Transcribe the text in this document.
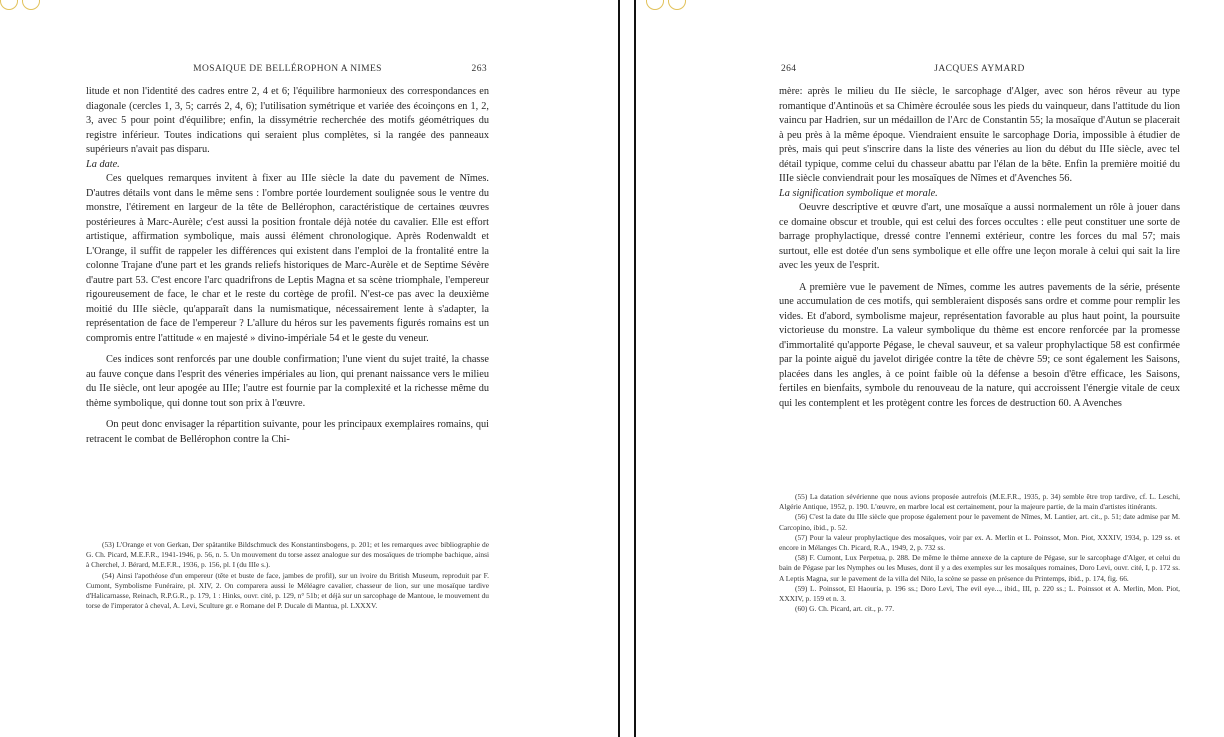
MOSAIQUE DE BELLÉROPHON A NIMES	263

litude et non l'identité des cadres entre 2, 4 et 6; l'équilibre harmonieux des correspondances en diagonale (cercles 1, 3, 5; carrés 2, 4, 6); l'utilisation symétrique et variée des écoinçons en 1, 2, 3, avec 5 pour point d'équilibre; enfin, la dissymétrie recherchée des motifs géométriques du registre inférieur. Toutes indications qui seraient plus complètes, si la rangée des panneaux supérieurs n'avait pas disparu.

La date.

Ces quelques remarques invitent à fixer au IIIe siècle la date du pavement de Nîmes. D'autres détails vont dans le même sens : l'ombre portée lourdement soulignée sous le ventre du monstre, l'étirement en largeur de la tête de Bellérophon, caractéristique de certaines œuvres postérieures à Marc-Aurèle; c'est aussi la position frontale déjà notée du cavalier. Elle est effort artistique, affirmation symbolique, mais aussi élément chronologique. Après Rodenwaldt et L'Orange, il suffit de rappeler les différences qui existent dans l'emploi de la frontalité entre la colonne Trajane d'une part et les grands reliefs historiques de Marc-Aurèle et de Septime Sévère d'autre part 53. C'est encore l'arc quadrifrons de Leptis Magna et sa scène triomphale, l'empereur rigoureusement de face, le char et le reste du cortège de profil. N'est-ce pas avec la deuxième moitié du IIIe siècle, qu'apparaît dans la numismatique, nécessairement lente à s'adapter, la représentation de face de l'empereur ? L'allure du héros sur les pavements figurés romains est un compromis entre l'attitude « en majesté » divino-impériale 54 et le geste du veneur.

Ces indices sont renforcés par une double confirmation; l'une vient du sujet traité, la chasse au fauve conçue dans l'esprit des véneries impériales au lion, qui prenant naissance vers le milieu du IIe siècle, ont leur apogée au IIIe; l'autre est fournie par la complexité et la richesse même du thème symbolique, qui donne tout son prix à l'œuvre.

On peut donc envisager la répartition suivante, pour les principaux exemplaires romains, qui retracent le combat de Bellérophon contre la Chi-

(53) L'Orange et von Gerkan, Der spätantike Bildschmuck des Konstantinsbogens, p. 201; et les remarques avec bibliographie de G. Ch. Picard, M.E.F.R., 1941-1946, p. 56, n. 5. Un mouvement du torse assez analogue sur des mosaïques de triomphe bachique, ainsi à Cherchel, J. Bérard, M.E.F.R., 1936, p. 156, pl. I (du IIIe s.).

(54) Ainsi l'apothéose d'un empereur (tête et buste de face, jambes de profil), sur un ivoire du British Museum, reproduit par F. Cumont, Symbolisme Funéraire, pl. XIV, 2. On comparera aussi le Méléagre cavalier, chasseur de lion, sur une mosaïque tardive d'Halicarnasse, Reinach, R.P.G.R., p. 179, 1 : Hinks, ouvr. cité, p. 129, n° 51b; et déjà sur un sarcophage de Mantoue, le mouvement du torse de l'imperator à cheval, A. Levi, Sculture gr. e Romane del P. Ducale di Mantua, pl. LXXXV.

264	JACQUES AYMARD

mère: après le milieu du IIe siècle, le sarcophage d'Alger, avec son héros rêveur au type romantique d'Antinoüs et sa Chimère écroulée sous les pieds du vainqueur, dans l'attitude du lion vaincu par Hadrien, sur un médaillon de l'Arc de Constantin 55; la mosaïque d'Autun se placerait à peu près à la même époque. Viendraient ensuite le sarcophage Doria, impossible à étudier de près, mais qui peut s'inscrire dans la liste des véneries au lion du début du IIIe siècle, avec tel détail typique, comme celui du chasseur abattu par l'élan de la bête. Enfin la première moitié du IIIe siècle conviendrait pour les mosaïques de Nîmes et d'Avenches 56.

La signification symbolique et morale.

Oeuvre descriptive et œuvre d'art, une mosaïque a aussi normalement un rôle à jouer dans ce domaine obscur et trouble, qui est celui des forces occultes : elle peut constituer une sorte de barrage prophylactique, dressé contre l'ennemi extérieur, contre les forces du mal 57; mais surtout, elle est dotée d'un sens symbolique et elle offre une leçon morale à celui qui sait la lire avec les yeux de l'esprit.

A première vue le pavement de Nîmes, comme les autres pavements de la série, présente une accumulation de ces motifs, qui sembleraient disposés sans ordre et comme pour remplir les vides. Et d'abord, symbolisme majeur, représentation favorable au plus haut point, la poursuite victorieuse du monstre. La valeur symbolique du thème est encore renforcée par la promesse d'immortalité qu'apporte Pégase, le cheval sauveur, et sa valeur prophylactique 58 est confirmée par la pointe aiguë du javelot dirigée contre la tête de chèvre 59; ce sont également les Saisons, placées dans les angles, à ce point faible où la défense a besoin d'être efficace, les Saisons, fertiles en bienfaits, symbole du renouveau de la nature, qui accroissent l'énergie vitale de ceux qui les contemplent et les protègent contre les forces de destruction 60. A Avenches

(55) La datation sévérienne que nous avions proposée autrefois (M.E.F.R., 1935, p. 34) semble être trop tardive, cf. L. Leschi, Algérie Antique, 1952, p. 190. L'œuvre, en marbre local est certainement, pour la majeure partie, de la main d'artistes itinérants.

(56) C'est la date du IIIe siècle que propose également pour le pavement de Nîmes, M. Lantier, art. cit., p. 51; date admise par M. Carcopino, ibid., p. 52.

(57) Pour la valeur prophylactique des mosaïques, voir par ex. A. Merlin et L. Poinssot, Mon. Piot, XXXIV, 1934, p. 129 ss. et encore in Mélanges Ch. Picard, R.A., 1949, 2, p. 732 ss.

(58) F. Cumont, Lux Perpetua, p. 288. De même le thème annexe de la capture de Pégase, sur le sarcophage d'Alger, et celui du bain de Pégase par les Nymphes ou les Muses, dont il y a des exemples sur les mosaïques romaines, Doro Levi, ouvr. cité, I, p. 172 ss. A Leptis Magna, sur le pavement de la villa del Nilo, la scène se passe en présence du Printemps, ibid., p. 174, fig. 66.

(59) L. Poinssot, El Haouria, p. 196 ss.; Doro Levi, The evil eye..., ibid., III, p. 220 ss.; L. Poinssot et A. Merlin, Mon. Piot, XXXIV, p. 159 et n. 3.

(60) G. Ch. Picard, art. cit., p. 77.
